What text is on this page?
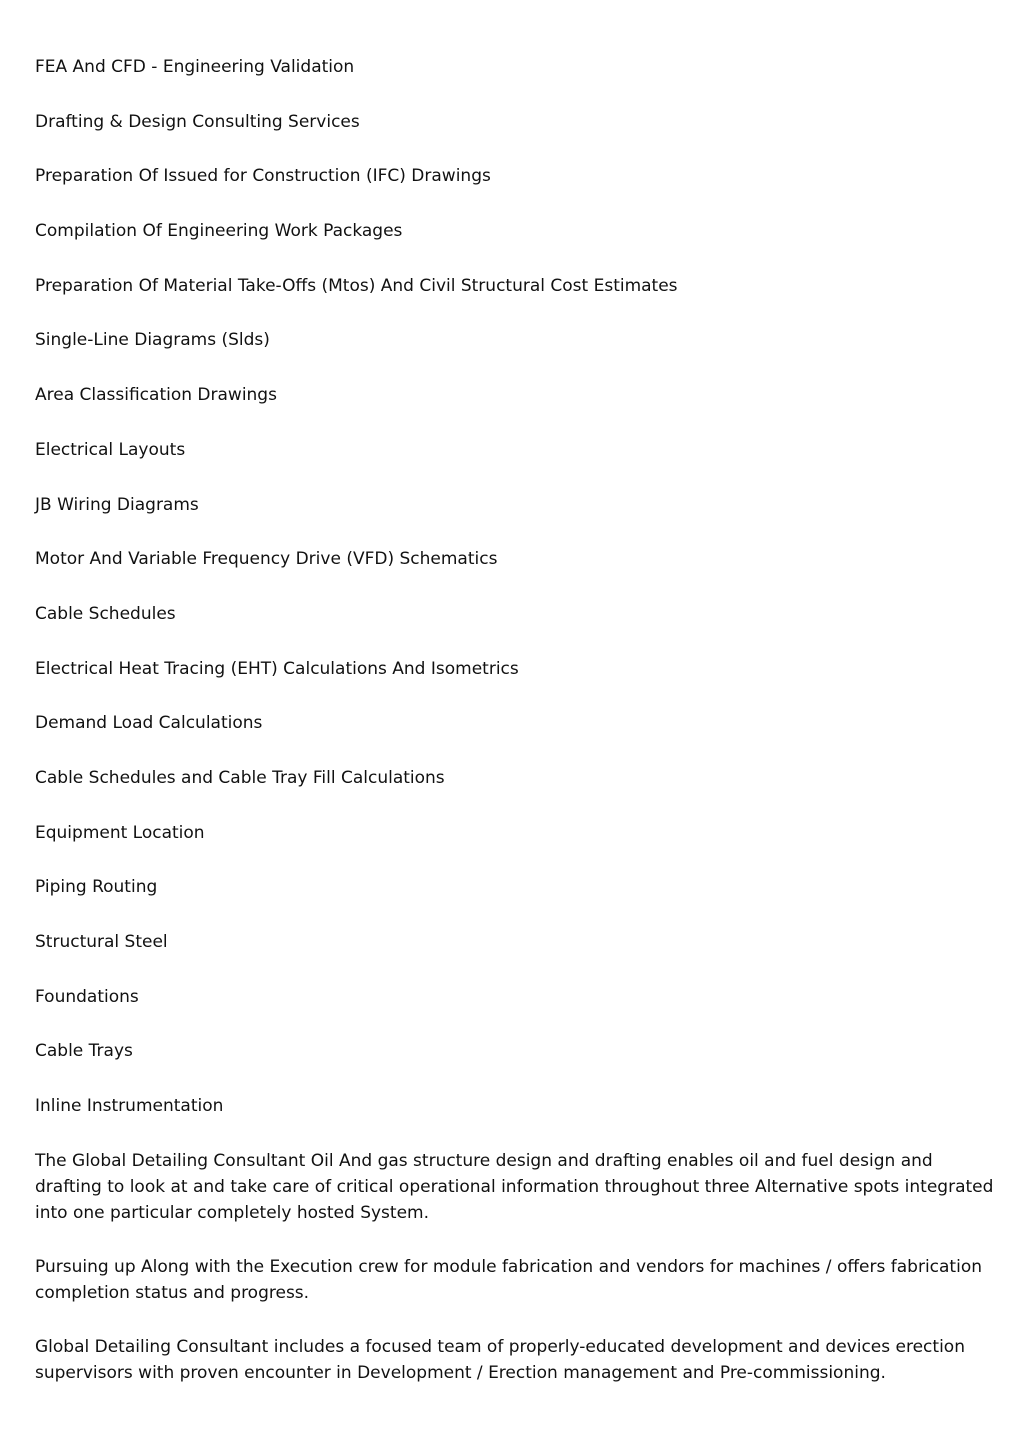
FEA And CFD - Engineering Validation
Drafting & Design Consulting Services
Preparation Of Issued for Construction (IFC) Drawings
Compilation Of Engineering Work Packages
Preparation Of Material Take-Offs (Mtos) And Civil Structural Cost Estimates
Single-Line Diagrams (Slds)
Area Classification Drawings
Electrical Layouts
JB Wiring Diagrams
Motor And Variable Frequency Drive (VFD) Schematics
Cable Schedules
Electrical Heat Tracing (EHT) Calculations And Isometrics
Demand Load Calculations
Cable Schedules and Cable Tray Fill Calculations
Equipment Location
Piping Routing
Structural Steel
Foundations
Cable Trays
Inline Instrumentation

The Global Detailing Consultant Oil And gas structure design and drafting enables oil and fuel design and drafting to look at and take care of critical operational information throughout three Alternative spots integrated into one particular completely hosted System.

Pursuing up Along with the Execution crew for module fabrication and vendors for machines / offers fabrication completion status and progress.

Global Detailing Consultant includes a focused team of properly-educated development and devices erection supervisors with proven encounter in Development / Erection management and Pre-commissioning.
